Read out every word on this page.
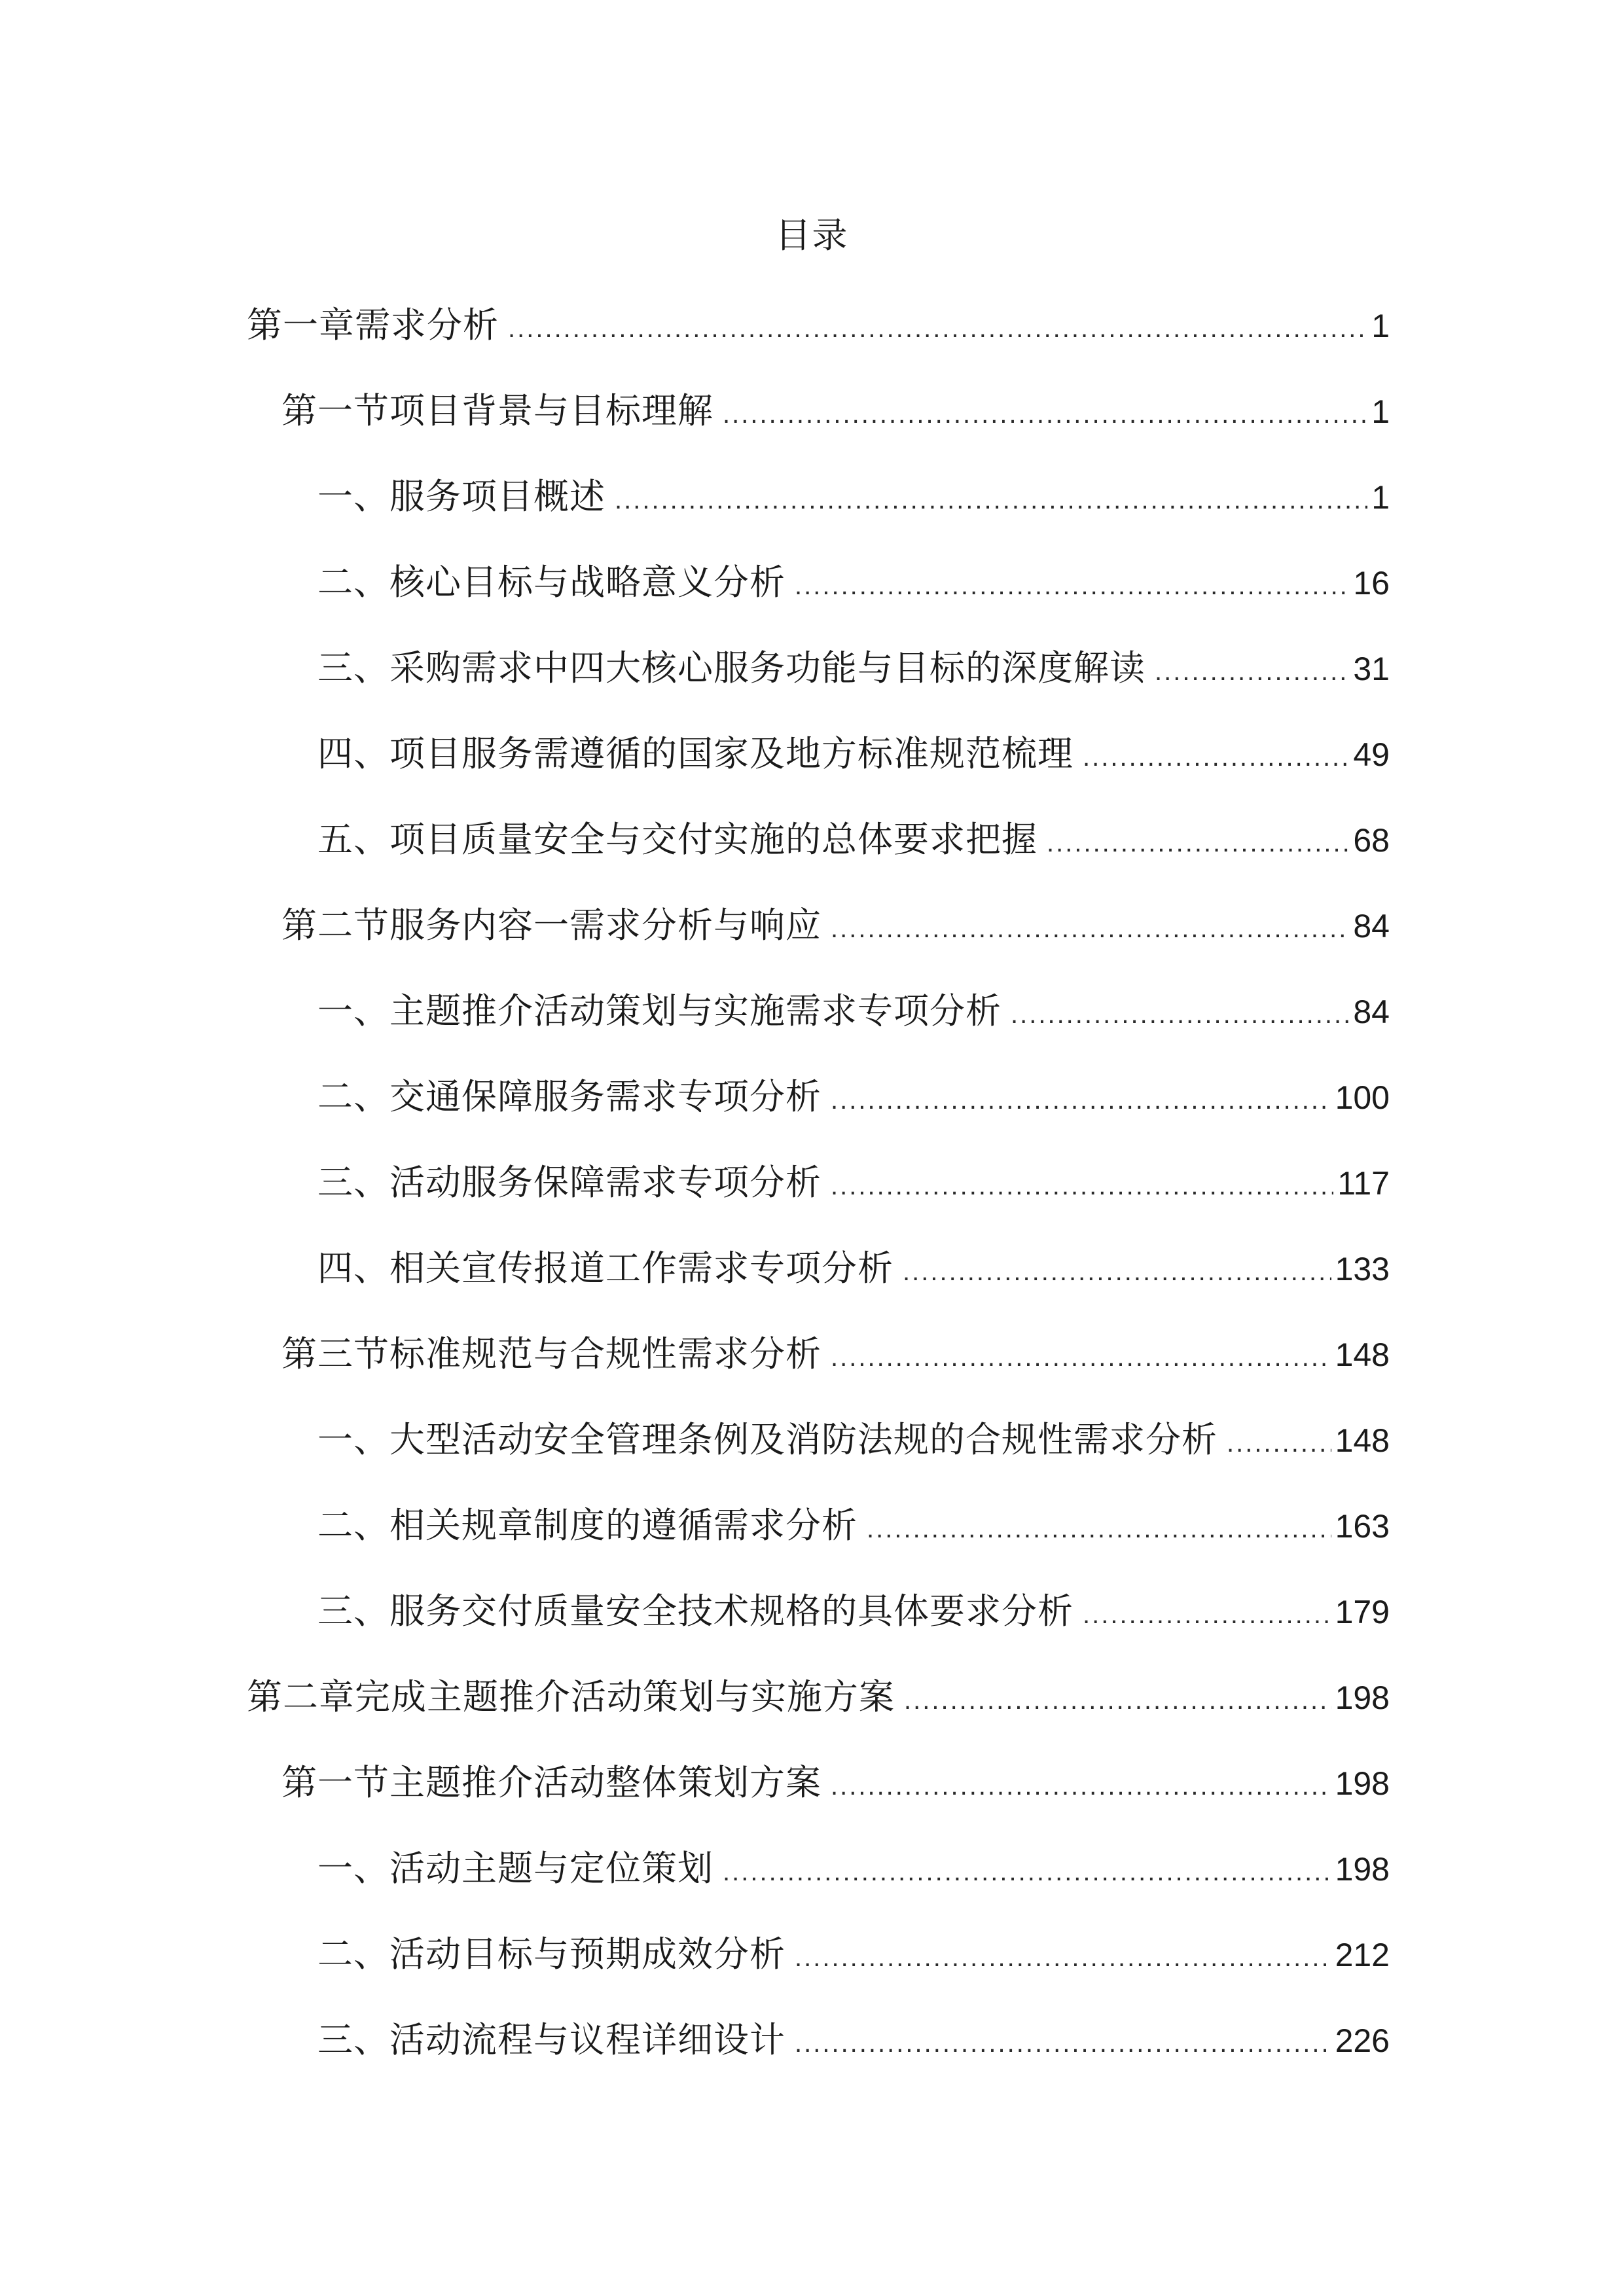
目录
第一章需求分析 .....	1
第一节项目背景与目标理解 .....	1
一、服务项目概述 .....	1
二、核心目标与战略意义分析 .....	16
三、采购需求中四大核心服务功能与目标的深度解读 .....	31
四、项目服务需遵循的国家及地方标准规范梳理 .....	49
五、项目质量安全与交付实施的总体要求把握 .....	68
第二节服务内容一需求分析与响应 .....	84
一、主题推介活动策划与实施需求专项分析 .....	84
二、交通保障服务需求专项分析 .....	100
三、活动服务保障需求专项分析 .....	117
四、相关宣传报道工作需求专项分析 .....	133
第三节标准规范与合规性需求分析 .....	148
一、大型活动安全管理条例及消防法规的合规性需求分析 .....	148
二、相关规章制度的遵循需求分析 .....	163
三、服务交付质量安全技术规格的具体要求分析 .....	179
第二章完成主题推介活动策划与实施方案 .....	198
第一节主题推介活动整体策划方案 .....	198
一、活动主题与定位策划 .....	198
二、活动目标与预期成效分析 .....	212
三、活动流程与议程详细设计 .....	226
